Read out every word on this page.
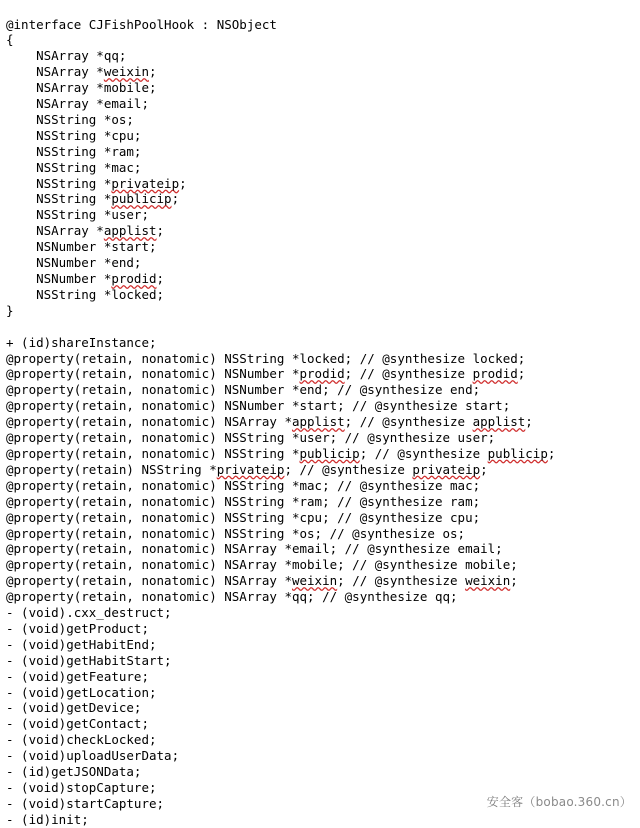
@interface CJFishPoolHook : NSObject
{
NSArray *qq;
NSArray *weixin;
NSArray *mobile;
NSArray *email;
NSString *os;
NSString *cpu;
NSString *ram;
NSString *mac;
NSString *privateip;
NSString *publicip;
NSString *user;
NSArray *applist;
NSNumber *start;
NSNumber *end;
NSNumber *prodid;
NSString *locked;
}

+ (id)shareInstance;
@property(retain, nonatomic) NSString *locked; // @synthesize locked;
@property(retain, nonatomic) NSNumber *prodid; // @synthesize prodid;
@property(retain, nonatomic) NSNumber *end; // @synthesize end;
@property(retain, nonatomic) NSNumber *start; // @synthesize start;
@property(retain, nonatomic) NSArray *applist; // @synthesize applist;
@property(retain, nonatomic) NSString *user; // @synthesize user;
@property(retain, nonatomic) NSString *publicip; // @synthesize publicip;
@property(retain) NSString *privateip; // @synthesize privateip;
@property(retain, nonatomic) NSString *mac; // @synthesize mac;
@property(retain, nonatomic) NSString *ram; // @synthesize ram;
@property(retain, nonatomic) NSString *cpu; // @synthesize cpu;
@property(retain, nonatomic) NSString *os; // @synthesize os;
@property(retain, nonatomic) NSArray *email; // @synthesize email;
@property(retain, nonatomic) NSArray *mobile; // @synthesize mobile;
@property(retain, nonatomic) NSArray *weixin; // @synthesize weixin;
@property(retain, nonatomic) NSArray *qq; // @synthesize qq;
- (void).cxx_destruct;
- (void)getProduct;
- (void)getHabitEnd;
- (void)getHabitStart;
- (void)getFeature;
- (void)getLocation;
- (void)getDevice;
- (void)getContact;
- (void)checkLocked;
- (void)uploadUserData;
- (id)getJSONData;
- (void)stopCapture;
- (void)startCapture;
- (id)init;
安全客（bobao.360.cn）
